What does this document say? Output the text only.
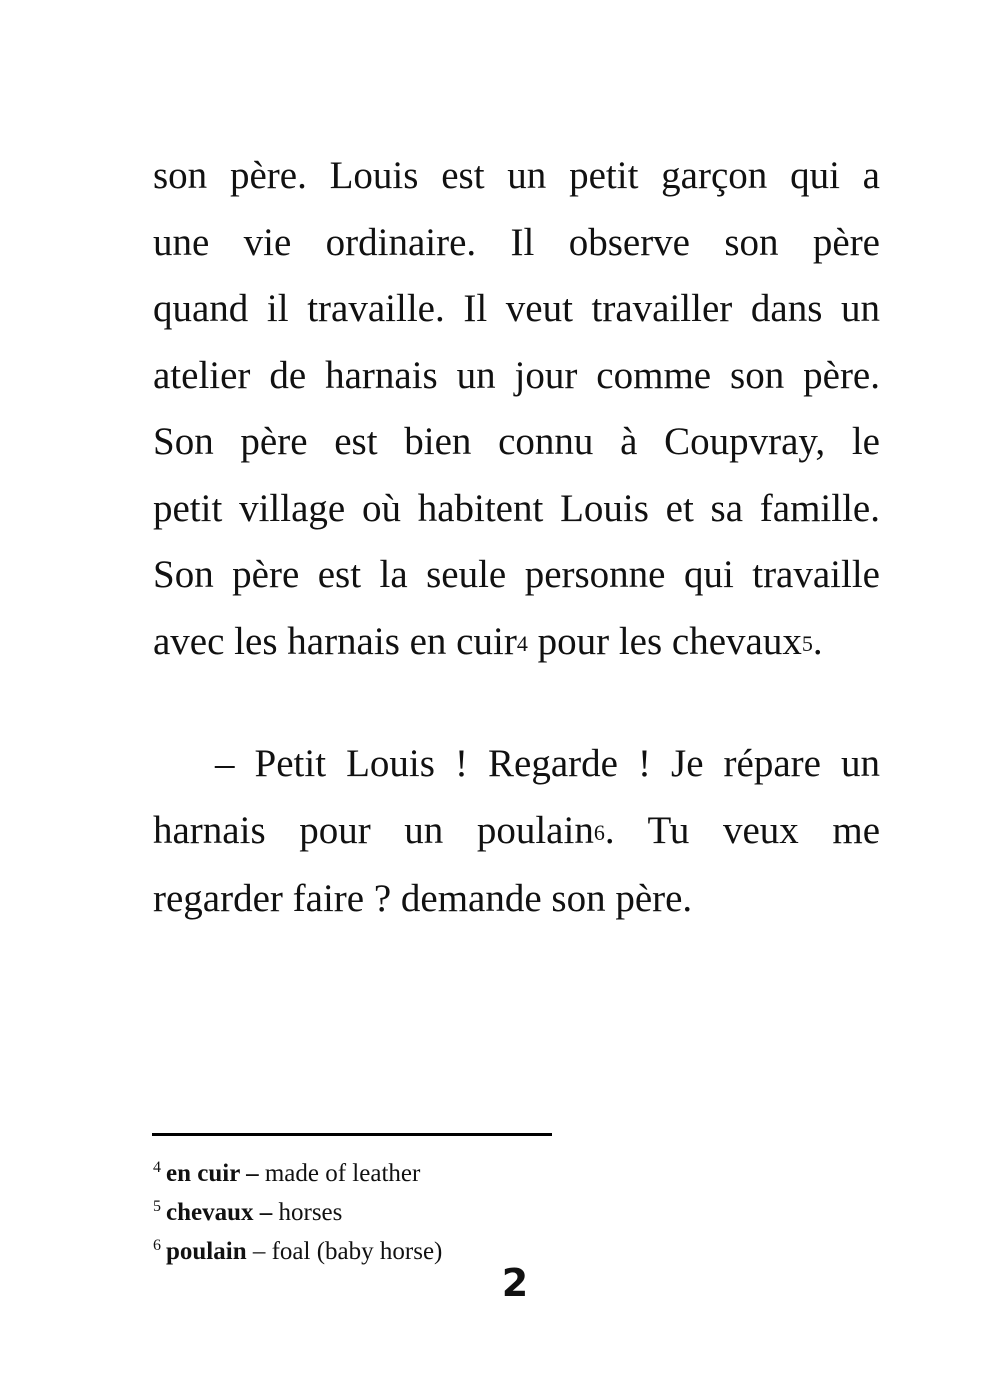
son père. Louis est un petit garçon qui a
une vie ordinaire. Il observe son père
quand il travaille. Il veut travailler dans un
atelier de harnais un jour comme son père.
Son père est bien connu à Coupvray, le
petit village où habitent Louis et sa famille.
Son père est la seule personne qui travaille
avec les harnais en cuir4 pour les chevaux5.
– Petit Louis ! Regarde ! Je répare un
harnais pour un poulain6. Tu veux me
regarder faire ? demande son père.
$^4$ en cuir – made of leather
$^5$ chevaux – horses
$^6$ poulain – foal (baby horse)
2
